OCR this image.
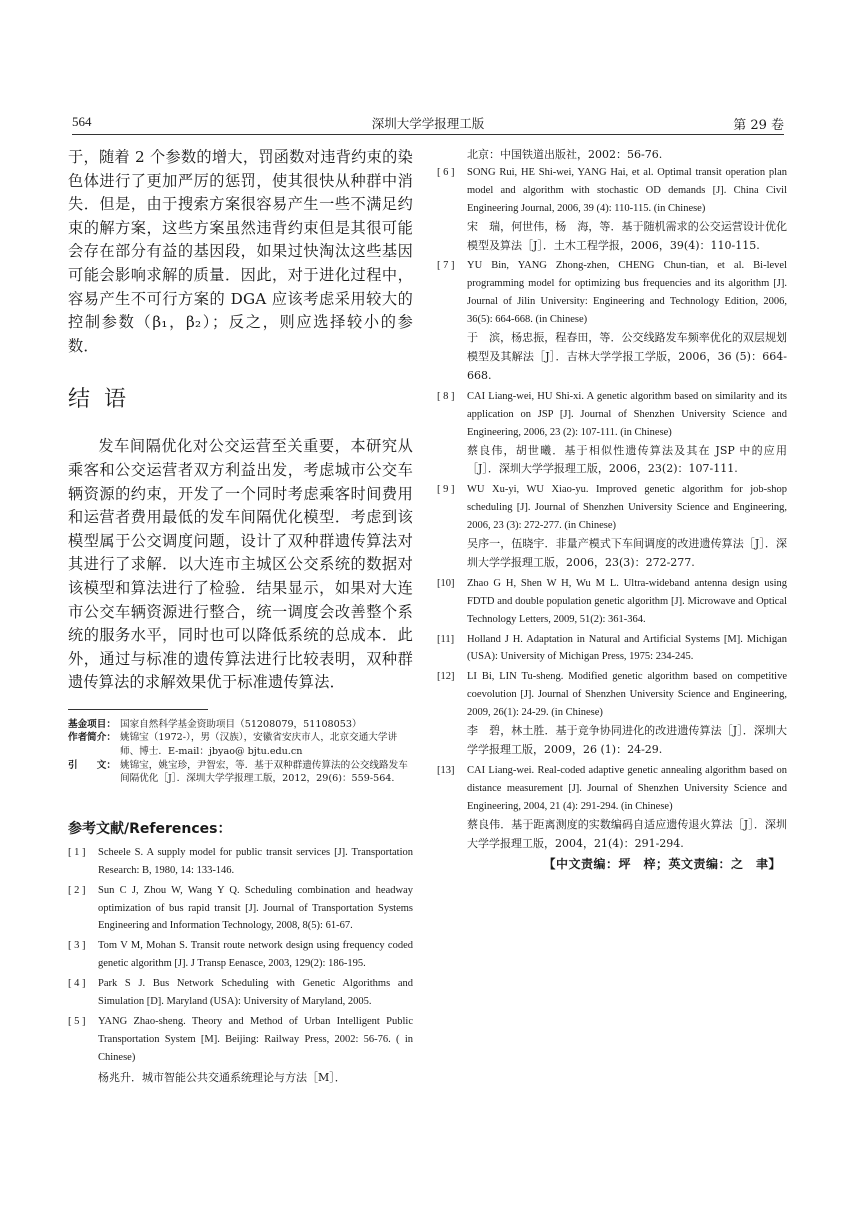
564	深圳大学学报理工版	第 29 卷

于，随着 2 个参数的增大，罚函数对违背约束的染色体进行了更加严厉的惩罚，使其很快从种群中消失．但是，由于搜索方案很容易产生一些不满足约束的解方案，这些方案虽然违背约束但是其很可能会存在部分有益的基因段，如果过快淘汰这些基因可能会影响求解的质量．因此，对于进化过程中，容易产生不可行方案的 DGA 应该考虑采用较大的控制参数（β₁，β₂）；反之，则应选择较小的参数．

结语

发车间隔优化对公交运营至关重要，本研究从乘客和公交运营者双方利益出发，考虑城市公交车辆资源的约束，开发了一个同时考虑乘客时间费用和运营者费用最低的发车间隔优化模型．考虑到该模型属于公交调度问题，设计了双种群遗传算法对其进行了求解．以大连市主城区公交系统的数据对该模型和算法进行了检验．结果显示，如果对大连市公交车辆资源进行整合，统一调度会改善整个系统的服务水平，同时也可以降低系统的总成本．此外，通过与标准的遗传算法进行比较表明，双种群遗传算法的求解效果优于标准遗传算法．

基金项目： 国家自然科学基金资助项目（51208079，51108053）
作者简介： 姚锦宝（1972-），男（汉族），安徽省安庆市人，北京交通大学讲师、博士．E-mail：jbyao@ bjtu.edu.cn
引　　文： 姚锦宝，姚宝珍，尹智宏，等．基于双种群遗传算法的公交线路发车间隔优化［J］．深圳大学学报理工版，2012，29(6)：559-564.
参考文献/References：
[ 1 ]	Scheele S. A supply model for public transit services [J]. Transportation Research: B, 1980, 14: 133-146.
[ 2 ]	Sun C J, Zhou W, Wang Y Q. Scheduling combination and headway optimization of bus rapid transit [J]. Journal of Transportation Systems Engineering and Information Technology, 2008, 8(5): 61-67.
[ 3 ]	Tom V M, Mohan S. Transit route network design using frequency coded genetic algorithm [J]. J Transp Eenasce, 2003, 129(2): 186-195.
[ 4 ]	Park S J. Bus Network Scheduling with Genetic Algorithms and Simulation [D]. Maryland (USA): University of Maryland, 2005.
[ 5 ]	YANG Zhao-sheng. Theory and Method of Urban Intelligent Public Transportation System [M]. Beijing: Railway Press, 2002: 56-76. ( in Chinese)
杨兆升．城市智能公共交通系统理论与方法［M］．
北京：中国铁道出版社，2002：56-76.
[ 6 ]	SONG Rui, HE Shi-wei, YANG Hai, et al. Optimal transit operation plan model and algorithm with stochastic OD demands [J]. China Civil Engineering Journal, 2006, 39 (4): 110-115. (in Chinese)
宋　瑞，何世伟，杨　海，等．基于随机需求的公交运营设计优化模型及算法［J］．土木工程学报，2006，39(4)：110-115.
[ 7 ]	YU Bin, YANG Zhong-zhen, CHENG Chun-tian, et al. Bi-level programming model for optimizing bus frequencies and its algorithm [J]. Journal of Jilin University: Engineering and Technology Edition, 2006, 36(5): 664-668. (in Chinese)
于　滨，杨忠振，程春田，等．公交线路发车频率优化的双层规划模型及其解法［J］．吉林大学学报工学版，2006，36 (5)：664-668.
[ 8 ]	CAI Liang-wei, HU Shi-xi. A genetic algorithm based on similarity and its application on JSP [J]. Journal of Shenzhen University Science and Engineering, 2006, 23 (2): 107-111. (in Chinese)
蔡良伟，胡世曦．基于相似性遗传算法及其在 JSP 中的应用［J］．深圳大学学报理工版，2006，23(2)：107-111.
[ 9 ]	WU Xu-yi, WU Xiao-yu. Improved genetic algorithm for job-shop scheduling [J]. Journal of Shenzhen University Science and Engineering, 2006, 23 (3): 272-277. (in Chinese)
吴序一，伍晓宇．非量产模式下车间调度的改进遗传算法［J］．深圳大学学报理工版，2006，23(3)：272-277.
[10]	Zhao G H, Shen W H, Wu M L. Ultra-wideband antenna design using FDTD and double population genetic algorithm [J]. Microwave and Optical Technology Letters, 2009, 51(2): 361-364.
[11]	Holland J H. Adaptation in Natural and Artificial Systems [M]. Michigan (USA): University of Michigan Press, 1975: 234-245.
[12]	LI Bi, LIN Tu-sheng. Modified genetic algorithm based on competitive coevolution [J]. Journal of Shenzhen University Science and Engineering, 2009, 26(1): 24-29. (in Chinese)
李　碧，林土胜．基于竞争协同进化的改进遗传算法［J］．深圳大学学报理工版，2009，26 (1)：24-29.
[13]	CAI Liang-wei. Real-coded adaptive genetic annealing algorithm based on distance measurement [J]. Journal of Shenzhen University Science and Engineering, 2004, 21 (4): 291-294. (in Chinese)
蔡良伟．基于距离测度的实数编码自适应遗传退火算法［J］．深圳大学学报理工版，2004，21(4)：291-294.
【中文责编：坪　梓；英文责编：之　聿】
